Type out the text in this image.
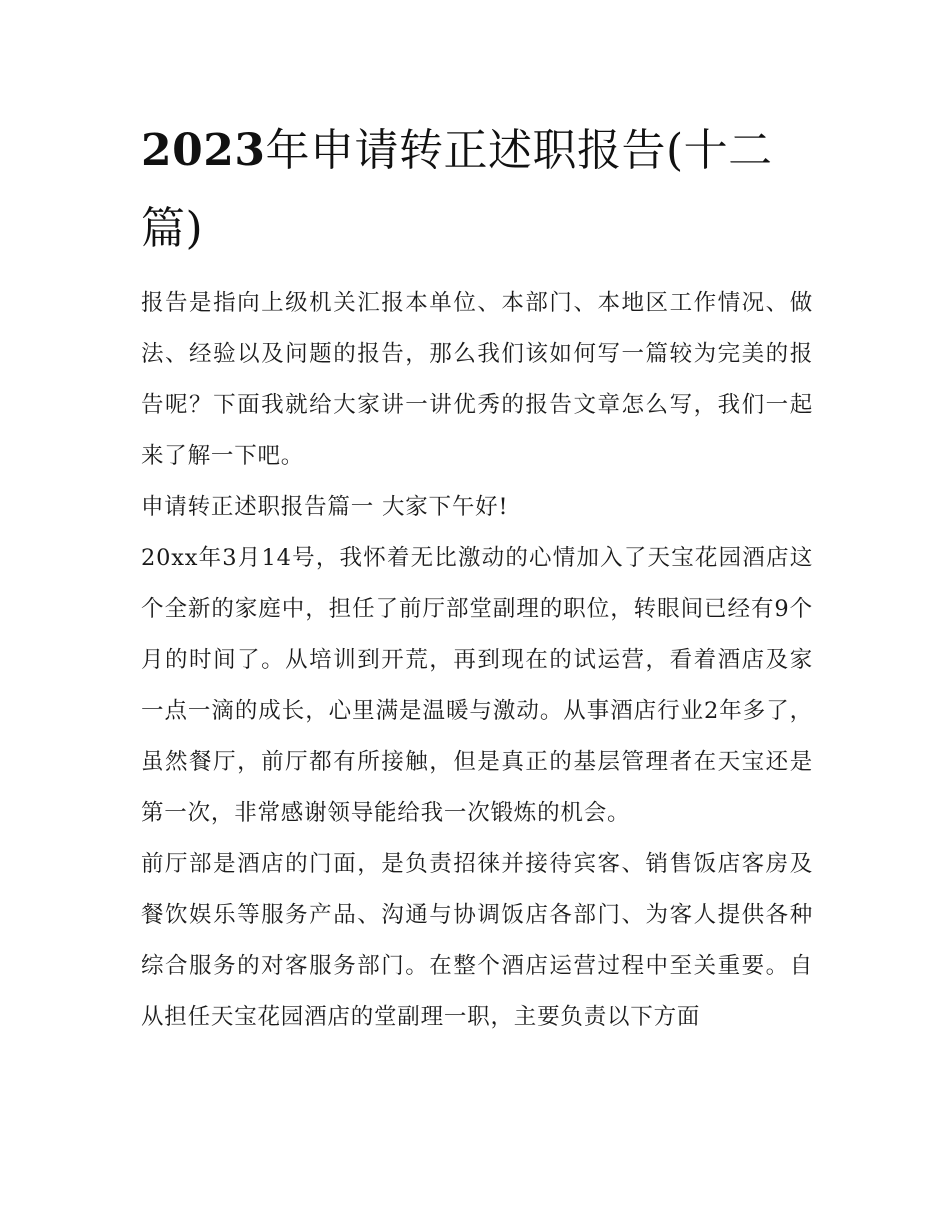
2023年申请转正述职报告(十二篇)

报告是指向上级机关汇报本单位、本部门、本地区工作情况、做法、经验以及问题的报告，那么我们该如何写一篇较为完美的报告呢？下面我就给大家讲一讲优秀的报告文章怎么写，我们一起来了解一下吧。

申请转正述职报告篇一 大家下午好!

20xx年3月14号，我怀着无比激动的心情加入了天宝花园酒店这个全新的家庭中，担任了前厅部堂副理的职位，转眼间已经有9个月的时间了。从培训到开荒，再到现在的试运营，看着酒店及家一点一滴的成长，心里满是温暖与激动。从事酒店行业2年多了，虽然餐厅，前厅都有所接触，但是真正的基层管理者在天宝还是第一次，非常感谢领导能给我一次锻炼的机会。

前厅部是酒店的门面，是负责招徕并接待宾客、销售饭店客房及餐饮娱乐等服务产品、沟通与协调饭店各部门、为客人提供各种综合服务的对客服务部门。在整个酒店运营过程中至关重要。自从担任天宝花园酒店的堂副理一职，主要负责以下方面
